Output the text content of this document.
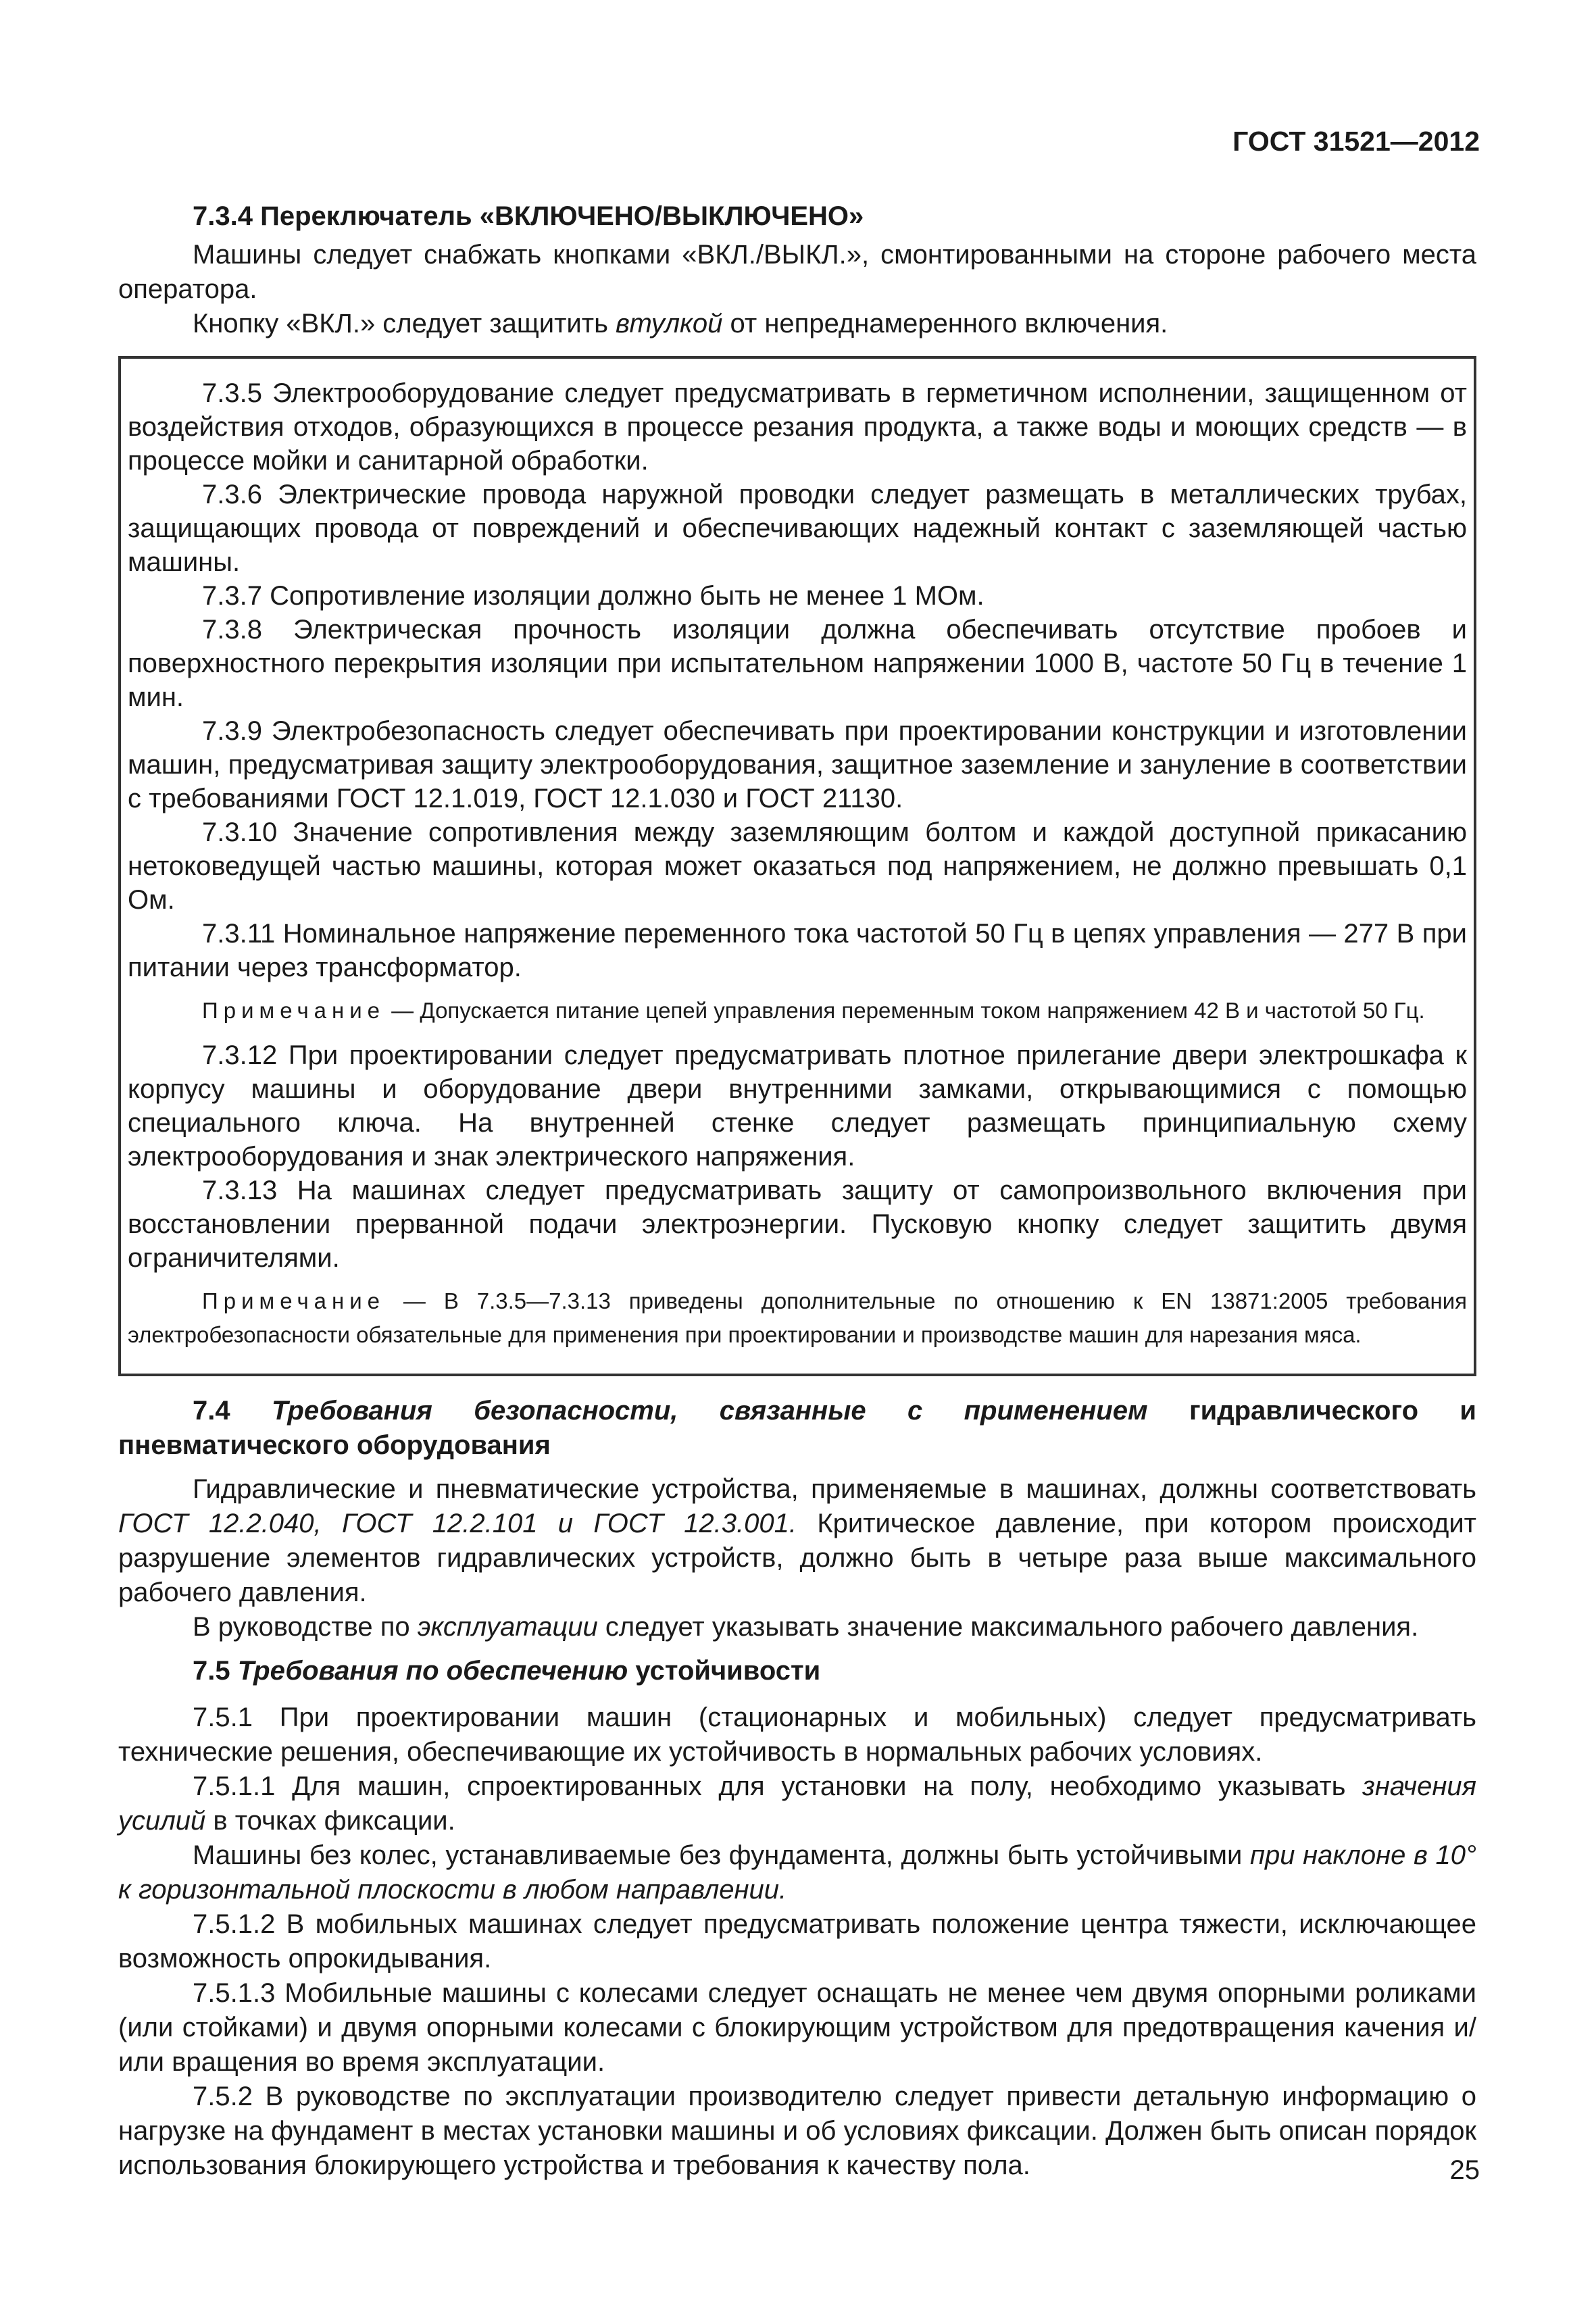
ГОСТ 31521—2012

7.3.4 Переключатель «ВКЛЮЧЕНО/ВЫКЛЮЧЕНО»

Машины следует снабжать кнопками «ВКЛ./ВЫКЛ.», смонтированными на стороне рабочего места оператора.

Кнопку «ВКЛ.» следует защитить втулкой от непреднамеренного включения.

7.3.5 Электрооборудование следует предусматривать в герметичном исполнении, защищенном от воздействия отходов, образующихся в процессе резания продукта, а также воды и моющих средств — в процессе мойки и санитарной обработки.

7.3.6 Электрические провода наружной проводки следует размещать в металлических трубах, защищающих провода от повреждений и обеспечивающих надежный контакт с заземляющей частью машины.

7.3.7 Сопротивление изоляции должно быть не менее 1 МОм.

7.3.8 Электрическая прочность изоляции должна обеспечивать отсутствие пробоев и поверхностного перекрытия изоляции при испытательном напряжении 1000 В, частоте 50 Гц в течение 1 мин.

7.3.9 Электробезопасность следует обеспечивать при проектировании конструкции и изготовлении машин, предусматривая защиту электрооборудования, защитное заземление и зануление в соответствии с требованиями ГОСТ 12.1.019, ГОСТ 12.1.030 и ГОСТ 21130.

7.3.10 Значение сопротивления между заземляющим болтом и каждой доступной прикасанию нетоковедущей частью машины, которая может оказаться под напряжением, не должно превышать 0,1 Ом.

7.3.11 Номинальное напряжение переменного тока частотой 50 Гц в цепях управления — 277 В при питании через трансформатор.

Примечание — Допускается питание цепей управления переменным током напряжением 42 В и частотой 50 Гц.

7.3.12 При проектировании следует предусматривать плотное прилегание двери электрошкафа к корпусу машины и оборудование двери внутренними замками, открывающимися с помощью специального ключа. На внутренней стенке следует размещать принципиальную схему электрооборудования и знак электрического напряжения.

7.3.13 На машинах следует предусматривать защиту от самопроизвольного включения при восстановлении прерванной подачи электроэнергии. Пусковую кнопку следует защитить двумя ограничителями.

Примечание — В 7.3.5—7.3.13 приведены дополнительные по отношению к EN 13871:2005 требования электробезопасности обязательные для применения при проектировании и производстве машин для нарезания мяса.

7.4 Требования безопасности, связанные с применением гидравлического и пневматического оборудования

Гидравлические и пневматические устройства, применяемые в машинах, должны соответствовать ГОСТ 12.2.040, ГОСТ 12.2.101 и ГОСТ 12.3.001. Критическое давление, при котором происходит разрушение элементов гидравлических устройств, должно быть в четыре раза выше максимального рабочего давления.

В руководстве по эксплуатации следует указывать значение максимального рабочего давления.

7.5 Требования по обеспечению устойчивости

7.5.1 При проектировании машин (стационарных и мобильных) следует предусматривать технические решения, обеспечивающие их устойчивость в нормальных рабочих условиях.

7.5.1.1 Для машин, спроектированных для установки на полу, необходимо указывать значения усилий в точках фиксации.

Машины без колес, устанавливаемые без фундамента, должны быть устойчивыми при наклоне в 10° к горизонтальной плоскости в любом направлении.

7.5.1.2 В мобильных машинах следует предусматривать положение центра тяжести, исключающее возможность опрокидывания.

7.5.1.3 Мобильные машины с колесами следует оснащать не менее чем двумя опорными роликами (или стойками) и двумя опорными колесами с блокирующим устройством для предотвращения качения и/или вращения во время эксплуатации.

7.5.2 В руководстве по эксплуатации производителю следует привести детальную информацию о нагрузке на фундамент в местах установки машины и об условиях фиксации. Должен быть описан порядок использования блокирующего устройства и требования к качеству пола.	25
